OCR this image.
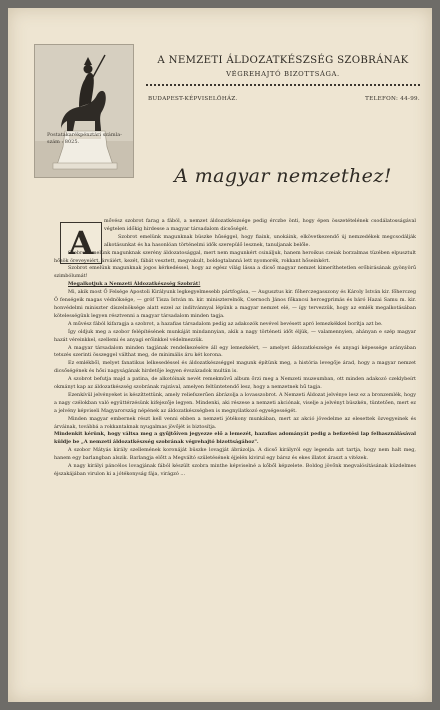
Postatakarékpénztári számla-szám : 8025.
A NEMZETI ÁLDOZATKÉSZSÉG SZOBRÁNAK
VÉGREHAJTÓ BIZOTTSÁGA.
BUDAPEST-KÉPVISELŐHÁZ.	TELEFON: 44-99.
A magyar nemzethez!
A

mővész szobrot farag a fából, a nemzet áldozatkészsége pedig érczbe önti, hogy épen összetételének csodálatosságával végtelen időkig hirdesse a magyar társadalom dicsőségét.

Szobrot emelünk magunknak büszke hűséggel, hogy fiaink, unokáink, elkövetkezendő új nemzedékek megcsodálják alkotásunkat és ha hasonlóan történelmi idők szerepülő lesznek, tanuljanak belőle.

Szobrot emelünk magunknak szerény áldozatosággal, mert nem magunkért csináljuk, hanem heroikus czeiak borzalmas tüzében elpusztult hősök öreveyeiért, árváiért, kezét, fábát vesztett, megvakult, boldogtalanná lett nyomorék, rokkant hőseinkért.

Szobrot emelünk magunknak jogos kérkedéssel, hogy az egész világ lássa a dicső magyar nemzet kimeríthetetlen erőbirásának gyönyörű szimbólumát!

Megalkotjuk a Nemzeti Áldozatkészség Szobrát!

Mi, akik most Ő Felsége Apostoli Királyunk legkegyelmesebb pártfogása, — Augusztus kir. főherczegasszony és Károly István kir. főherczeg Ő fenségeik magas védnöksége, — gróf Tisza István m. kir. miniszterelnök, Csernoch János főkancsi hercegprimás és báró Hazai Samu m. kir. honvédelmi miniszter díszelnöksége alatt ezzel az indítvánnyal lépünk a magyar nemzet elé, — így tervezzük, hogy az emlék megalkotásában kötelességünk legyen résztvenni a magyar társadalom minden tagja.

A művész fából kifaragja a szobrot, a hazafias társadalom pedig az adakozók nevével bevésett apró lemezkékkel borítja azt be.

Így oldjuk meg a szobor felépítésének munkáját mindannyian, akik a nagy történeti időt éljük, — valamennyien, ahányan e szép magyar hazát véreinkkel, szellemi és anyagi erőinkkel védelmezzük.

A magyar társadalom minden tagjának rendelkezésére áll egy lemezkéért, — amelyet áldozatkészsége és anyagi képessége arányában tetszés szerinti összeggel válthat meg, de minimális áru két korona.

Ez emlékből, melyet fanatikus lelkesedéssel és áldozatkészséggel magunk építünk meg, a história levegője árad, hogy a magyar nemzet dicsőségének és hősi nagyságának hirdetője legyen évszázadok multán is.

A szobrot befutja majd a patina, de alkotóinak nevét remekművű album őrzi meg a Nemzeti muzeumban, ott minden adakozó czeklybeírt okmányt kap az áldozatkészség szobrának rajzával, amelyen feltüntetendő lesz, hogy a nemzetnek hű tagja.

Ezenkívül jelvényeket is készíttettünk, amely reliefszerűen ábrázolja a lovasszobrot. A Nemzeti Áldozat jelvénye lesz ez a bronzemlék, hogy a nagy czélokban való együttérzésünk kifejezője legyen. Mindenki, aki részese a nemzeti akciónak, viselje a jelvényt büszkén, tüntetően, mert ez a jelvény képviseli Magyarország népének az áldozatkészségben is megnyilatkozó egységességét.

Minden magyar embernek részt kell venni ebben a nemzeti jótékony munkában, mert az akció jövedelme az elesettek özvegyeinek és árváinak, továbbá a rokkantaknak nyugalmas jövőjét is biztosítja.

Mindenkit kérünk, hogy váltsa meg a gyűjtőíven jegyezze elő a lemezét, hazafias adományát pedig a befizetési lap felhasználásával küldje be „A nemzeti áldozatkészség szobrának végrehajtó bizottságához".

A szobor Mátyás király szellemének koronáját büszke lovagját ábrázolja. A dicső királyról egy legenda azt tartja, hogy nem halt meg, hanem egy barlangban alszik. Barlangja előtt a Megváltó születésének éjjelén kivirul egy bársz és ekes illatot áraszt a vitézek.

A nagy királyi páncélos lovagjának fából készült szobra minthe képviselné a kőből képzelete. Boldog jövőnk megvalósításának küzdelmes éjszakájában virulon ki a jótékonyság fája, virágzó ...
